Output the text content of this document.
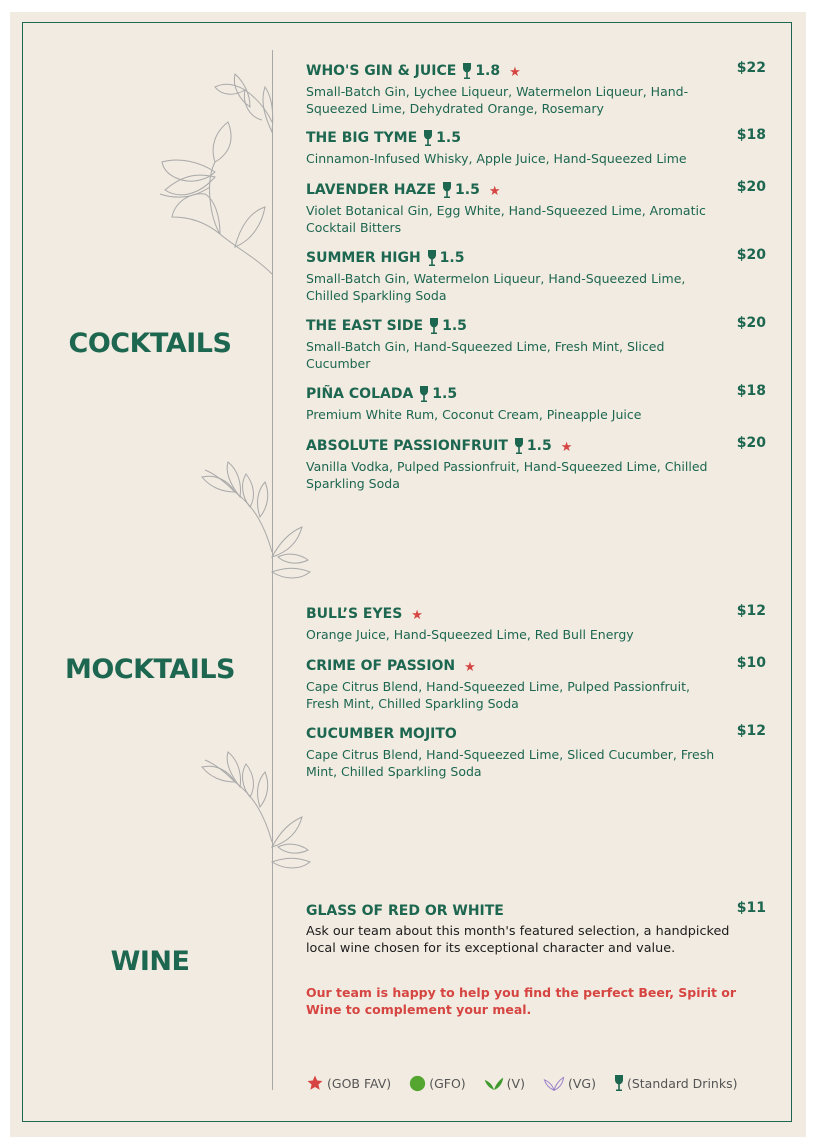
COCKTAILS
MOCKTAILS
WINE
WHO'S GIN & JUICE 1.8 ★	$22
Small-Batch Gin, Lychee Liqueur, Watermelon Liqueur, Hand-Squeezed Lime, Dehydrated Orange, Rosemary
THE BIG TYME 1.5	$18
Cinnamon-Infused Whisky, Apple Juice, Hand-Squeezed Lime
LAVENDER HAZE 1.5 ★	$20
Violet Botanical Gin, Egg White, Hand-Squeezed Lime, Aromatic Cocktail Bitters
SUMMER HIGH 1.5	$20
Small-Batch Gin, Watermelon Liqueur, Hand-Squeezed Lime, Chilled Sparkling Soda
THE EAST SIDE 1.5	$20
Small-Batch Gin, Hand-Squeezed Lime, Fresh Mint, Sliced Cucumber
PIÑA COLADA 1.5	$18
Premium White Rum, Coconut Cream, Pineapple Juice
ABSOLUTE PASSIONFRUIT 1.5 ★	$20
Vanilla Vodka, Pulped Passionfruit, Hand-Squeezed Lime, Chilled Sparkling Soda
BULL’S EYES ★	$12
Orange Juice, Hand-Squeezed Lime, Red Bull Energy
CRIME OF PASSION ★	$10
Cape Citrus Blend, Hand-Squeezed Lime, Pulped Passionfruit, Fresh Mint, Chilled Sparkling Soda
CUCUMBER MOJITO	$12
Cape Citrus Blend, Hand-Squeezed Lime, Sliced Cucumber, Fresh Mint, Chilled Sparkling Soda
GLASS OF RED OR WHITE	$11
Ask our team about this month's featured selection, a handpicked local wine chosen for its exceptional character and value.
Our team is happy to help you find the perfect Beer, Spirit or Wine to complement your meal.
(GOB FAV)	(GFO)	(V)	(VG) (Standard Drinks)
